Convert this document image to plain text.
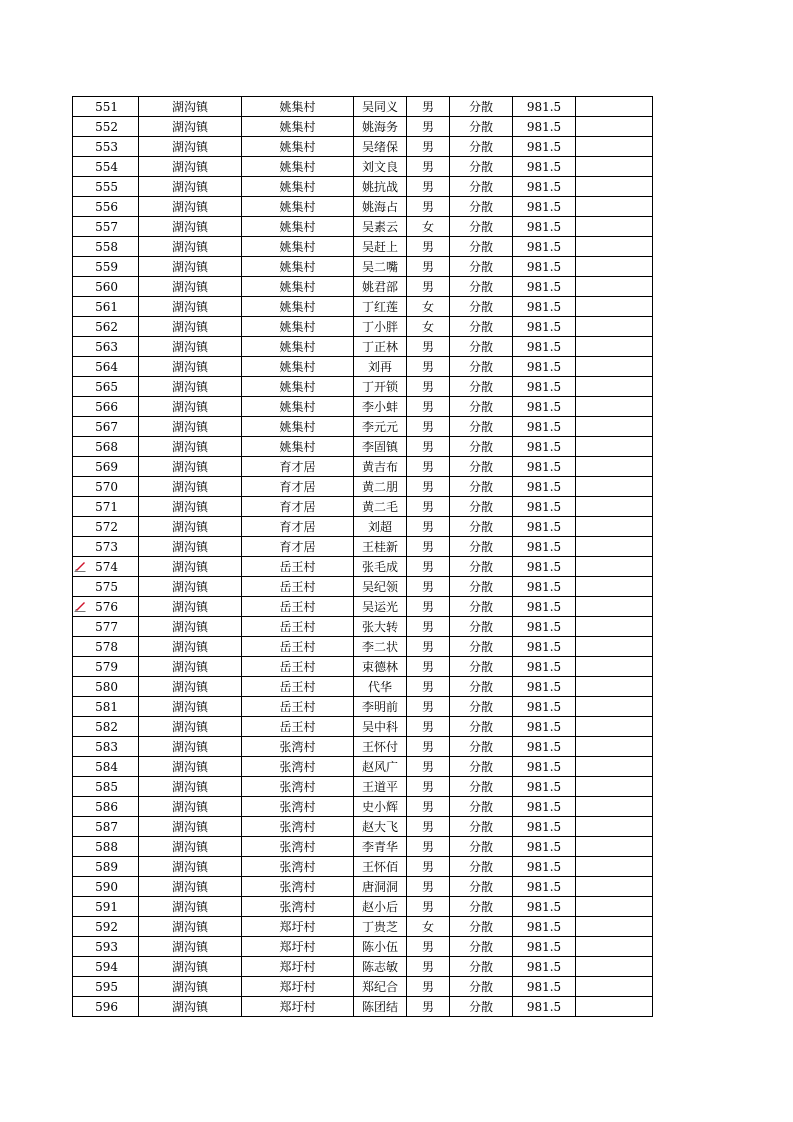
551	湖沟镇	姚集村	吴同义	男	分散	981.5	
552	湖沟镇	姚集村	姚海务	男	分散	981.5	
553	湖沟镇	姚集村	吴绪保	男	分散	981.5	
554	湖沟镇	姚集村	刘文良	男	分散	981.5	
555	湖沟镇	姚集村	姚抗战	男	分散	981.5	
556	湖沟镇	姚集村	姚海占	男	分散	981.5	
557	湖沟镇	姚集村	吴素云	女	分散	981.5	
558	湖沟镇	姚集村	吴赶上	男	分散	981.5	
559	湖沟镇	姚集村	吴二嘴	男	分散	981.5	
560	湖沟镇	姚集村	姚君部	男	分散	981.5	
561	湖沟镇	姚集村	丁红莲	女	分散	981.5	
562	湖沟镇	姚集村	丁小胖	女	分散	981.5	
563	湖沟镇	姚集村	丁正林	男	分散	981.5	
564	湖沟镇	姚集村	刘再	男	分散	981.5	
565	湖沟镇	姚集村	丁开锁	男	分散	981.5	
566	湖沟镇	姚集村	李小蚌	男	分散	981.5	
567	湖沟镇	姚集村	李元元	男	分散	981.5	
568	湖沟镇	姚集村	李固镇	男	分散	981.5	
569	湖沟镇	育才居	黄吉布	男	分散	981.5	
570	湖沟镇	育才居	黄二朋	男	分散	981.5	
571	湖沟镇	育才居	黄二毛	男	分散	981.5	
572	湖沟镇	育才居	刘超	男	分散	981.5	
573	湖沟镇	育才居	王桂新	男	分散	981.5	

574	湖沟镇	岳王村	张毛成	男	分散	981.5	
575	湖沟镇	岳王村	吴纪领	男	分散	981.5	

576	湖沟镇	岳王村	吴运光	男	分散	981.5	
577	湖沟镇	岳王村	张大转	男	分散	981.5	
578	湖沟镇	岳王村	李二状	男	分散	981.5	
579	湖沟镇	岳王村	束德林	男	分散	981.5	
580	湖沟镇	岳王村	代华	男	分散	981.5	
581	湖沟镇	岳王村	李明前	男	分散	981.5	
582	湖沟镇	岳王村	吴中科	男	分散	981.5	
583	湖沟镇	张湾村	王怀付	男	分散	981.5	
584	湖沟镇	张湾村	赵风广	男	分散	981.5	
585	湖沟镇	张湾村	王道平	男	分散	981.5	
586	湖沟镇	张湾村	史小辉	男	分散	981.5	
587	湖沟镇	张湾村	赵大飞	男	分散	981.5	
588	湖沟镇	张湾村	李青华	男	分散	981.5	
589	湖沟镇	张湾村	王怀佰	男	分散	981.5	
590	湖沟镇	张湾村	唐洞洞	男	分散	981.5	
591	湖沟镇	张湾村	赵小后	男	分散	981.5	
592	湖沟镇	郑圩村	丁贵芝	女	分散	981.5	
593	湖沟镇	郑圩村	陈小伍	男	分散	981.5	
594	湖沟镇	郑圩村	陈志敏	男	分散	981.5	
595	湖沟镇	郑圩村	郑纪合	男	分散	981.5	
596	湖沟镇	郑圩村	陈团结	男	分散	981.5	
